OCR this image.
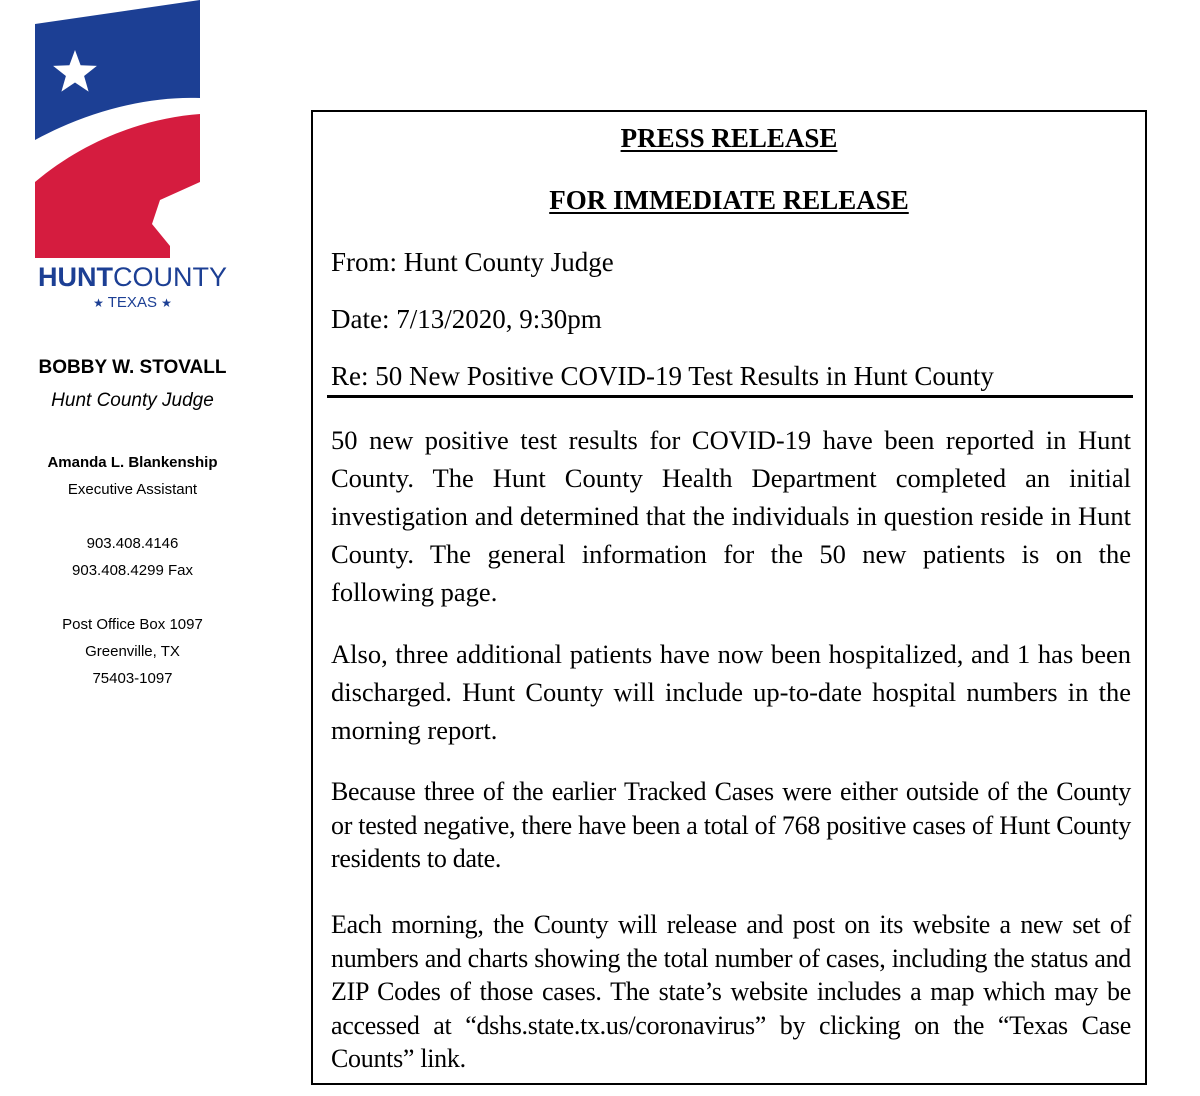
HUNTCOUNTY
★ TEXAS ★
BOBBY W. STOVALL
Hunt County Judge
Amanda L. Blankenship
Executive Assistant
903.408.4146
903.408.4299 Fax
Post Office Box 1097
Greenville, TX
75403-1097
PRESS RELEASE
FOR IMMEDIATE RELEASE
From: Hunt County Judge
Date: 7/13/2020, 9:30pm
Re: 50 New Positive COVID-19 Test Results in Hunt County
50 new positive test results for COVID-19 have been reported in Hunt County. The Hunt County Health Department completed an initial investigation and determined that the individuals in question reside in Hunt County. The general information for the 50 new patients is on the following page.
Also, three additional patients have now been hospitalized, and 1 has been discharged. Hunt County will include up-to-date hospital numbers in the morning report.
Because three of the earlier Tracked Cases were either outside of the County or tested negative, there have been a total of 768 positive cases of Hunt County residents to date.
Each morning, the County will release and post on its website a new set of numbers and charts showing the total number of cases, including the status and ZIP Codes of those cases. The state’s website includes a map which may be accessed at “dshs.state.tx.us/coronavirus” by clicking on the “Texas Case Counts” link.
